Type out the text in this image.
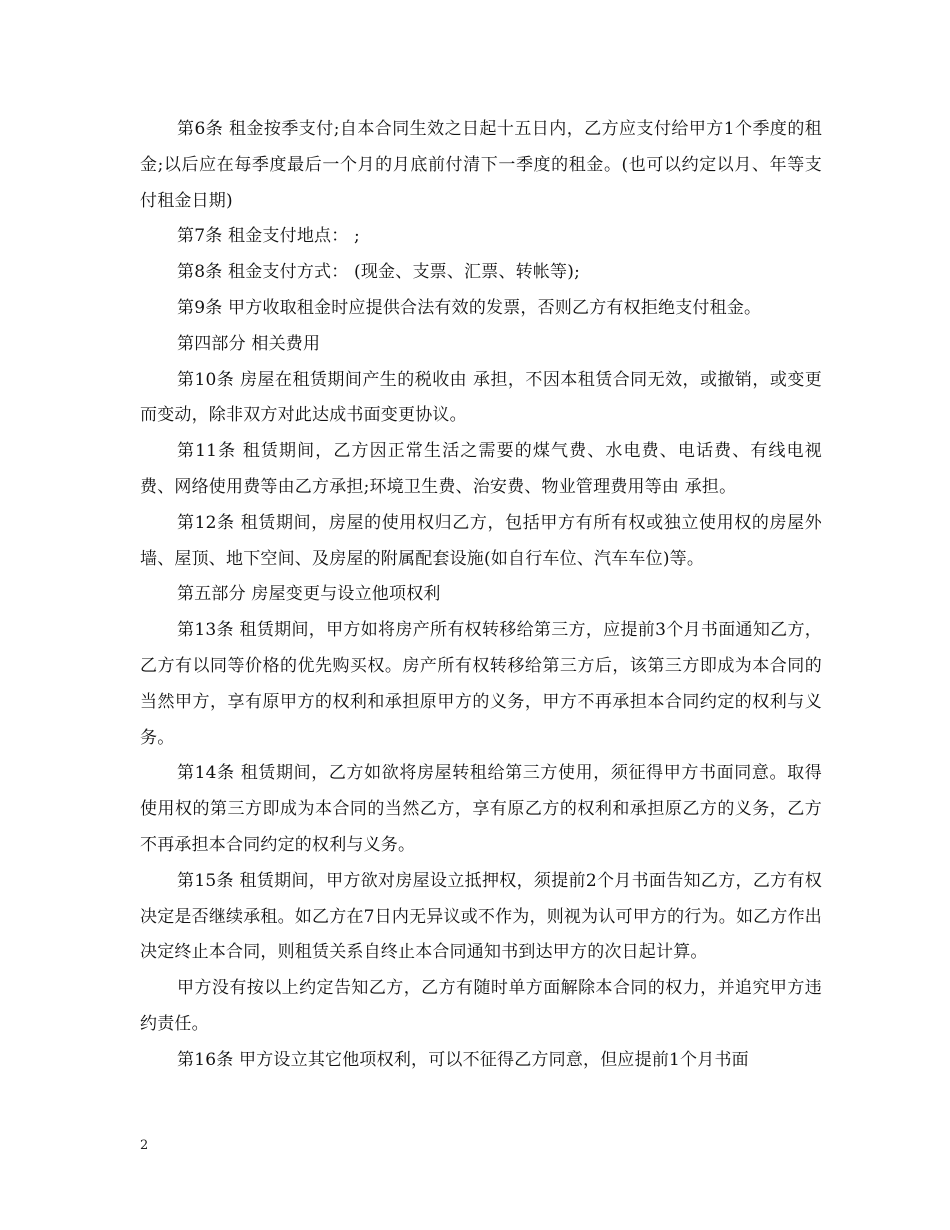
第6条 租金按季支付;自本合同生效之日起十五日内，乙方应支付给甲方1个季度的租金;以后应在每季度最后一个月的月底前付清下一季度的租金。(也可以约定以月、年等支付租金日期)

第7条 租金支付地点： ;

第8条 租金支付方式： (现金、支票、汇票、转帐等);

第9条 甲方收取租金时应提供合法有效的发票，否则乙方有权拒绝支付租金。

第四部分 相关费用

第10条 房屋在租赁期间产生的税收由 承担，不因本租赁合同无效，或撤销，或变更而变动，除非双方对此达成书面变更协议。

第11条 租赁期间，乙方因正常生活之需要的煤气费、水电费、电话费、有线电视费、网络使用费等由乙方承担;环境卫生费、治安费、物业管理费用等由 承担。

第12条 租赁期间，房屋的使用权归乙方，包括甲方有所有权或独立使用权的房屋外墙、屋顶、地下空间、及房屋的附属配套设施(如自行车位、汽车车位)等。

第五部分 房屋变更与设立他项权利

第13条 租赁期间，甲方如将房产所有权转移给第三方，应提前3个月书面通知乙方，乙方有以同等价格的优先购买权。房产所有权转移给第三方后，该第三方即成为本合同的当然甲方，享有原甲方的权利和承担原甲方的义务，甲方不再承担本合同约定的权利与义务。

第14条 租赁期间，乙方如欲将房屋转租给第三方使用，须征得甲方书面同意。取得使用权的第三方即成为本合同的当然乙方，享有原乙方的权利和承担原乙方的义务，乙方不再承担本合同约定的权利与义务。

第15条 租赁期间，甲方欲对房屋设立抵押权，须提前2个月书面告知乙方，乙方有权决定是否继续承租。如乙方在7日内无异议或不作为，则视为认可甲方的行为。如乙方作出决定终止本合同，则租赁关系自终止本合同通知书到达甲方的次日起计算。

甲方没有按以上约定告知乙方，乙方有随时单方面解除本合同的权力，并追究甲方违约责任。

第16条 甲方设立其它他项权利，可以不征得乙方同意，但应提前1个月书面

2
